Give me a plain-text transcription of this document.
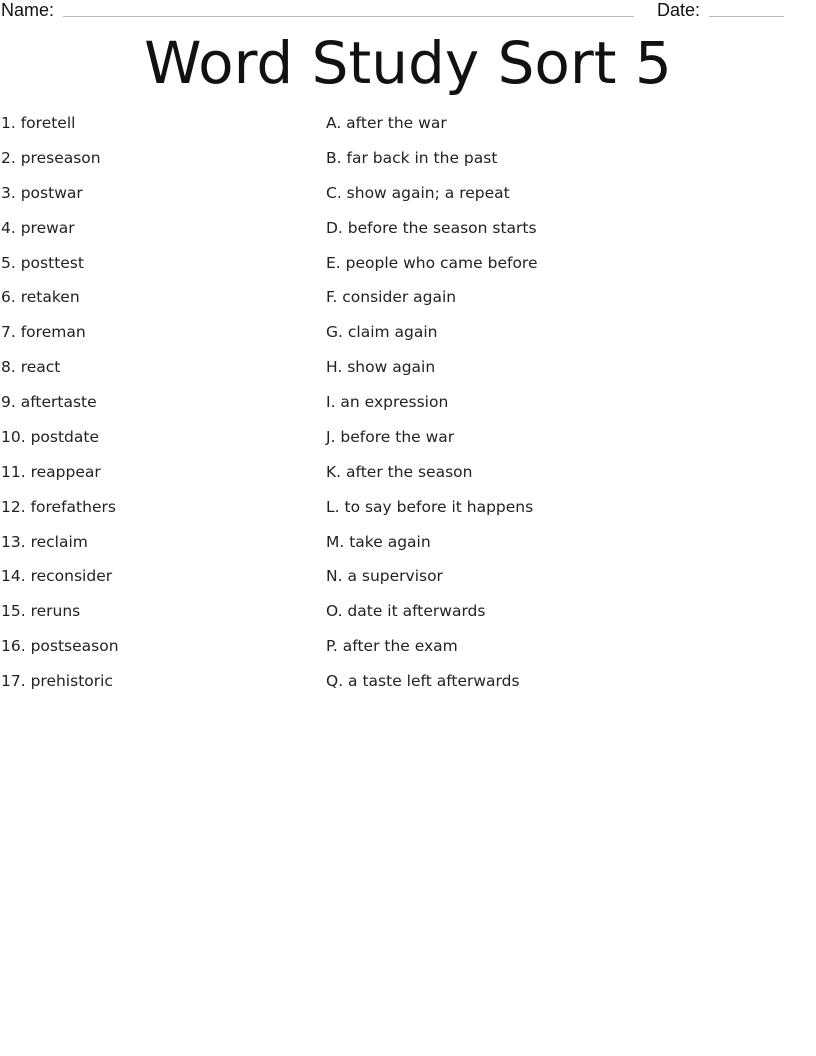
Name:	Date:
Word Study Sort 5
1. foretell
2. preseason
3. postwar
4. prewar
5. posttest
6. retaken
7. foreman
8. react
9. aftertaste
10. postdate
11. reappear
12. forefathers
13. reclaim
14. reconsider
15. reruns
16. postseason
17. prehistoric
A. after the war
B. far back in the past
C. show again; a repeat
D. before the season starts
E. people who came before
F. consider again
G. claim again
H. show again
I. an expression
J. before the war
K. after the season
L. to say before it happens
M. take again
N. a supervisor
O. date it afterwards
P. after the exam
Q. a taste left afterwards
